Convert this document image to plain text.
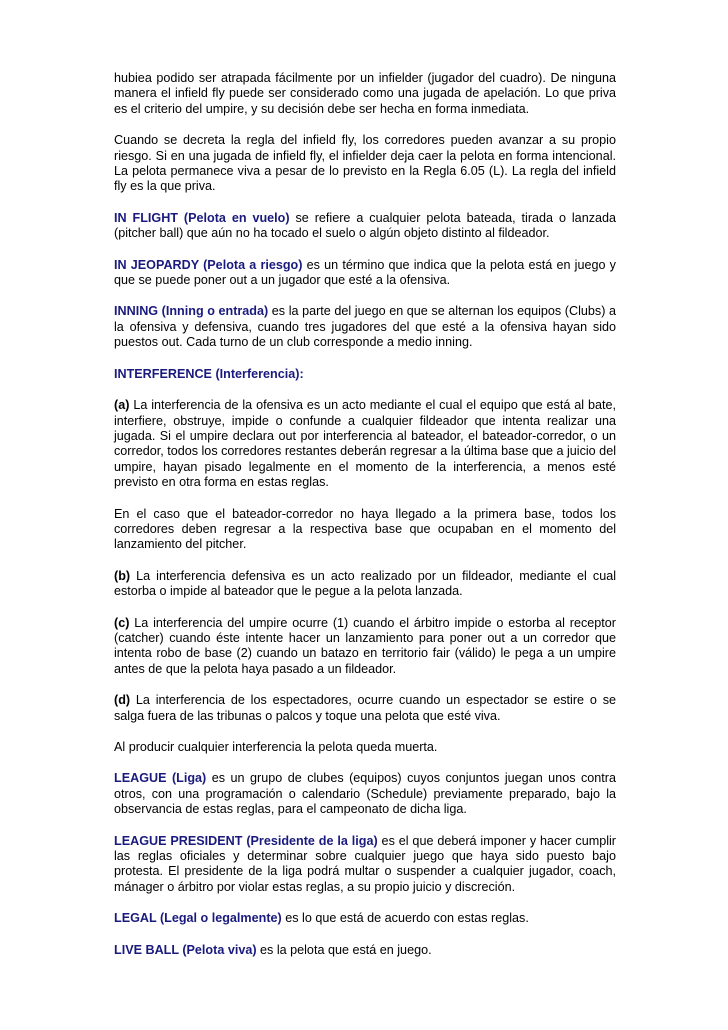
hubiea podido ser atrapada fácilmente por un infielder (jugador del cuadro). De ninguna manera el infield fly puede ser considerado como una jugada de apelación. Lo que priva es el criterio del umpire, y su decisión debe ser hecha en forma inmediata.

Cuando se decreta la regla del infield fly, los corredores pueden avanzar a su propio riesgo. Si en una jugada de infield fly, el infielder deja caer la pelota en forma intencional. La pelota permanece viva a pesar de lo previsto en la Regla 6.05 (L). La regla del infield fly es la que priva.

IN FLIGHT (Pelota en vuelo) se refiere a cualquier pelota bateada, tirada o lanzada (pitcher ball) que aún no ha tocado el suelo o algún objeto distinto al fildeador.

IN JEOPARDY (Pelota a riesgo) es un término que indica que la pelota está en juego y que se puede poner out a un jugador que esté a la ofensiva.

INNING (Inning o entrada) es la parte del juego en que se alternan los equipos (Clubs) a la ofensiva y defensiva, cuando tres jugadores del que esté a la ofensiva hayan sido puestos out. Cada turno de un club corresponde a medio inning.

INTERFERENCE (Interferencia):

(a) La interferencia de la ofensiva es un acto mediante el cual el equipo que está al bate, interfiere, obstruye, impide o confunde a cualquier fildeador que intenta realizar una jugada. Si el umpire declara out por interferencia al bateador, el bateador-corredor, o un corredor, todos los corredores restantes deberán regresar a la última base que a juicio del umpire, hayan pisado legalmente en el momento de la interferencia, a menos esté previsto en otra forma en estas reglas.

En el caso que el bateador-corredor no haya llegado a la primera base, todos los corredores deben regresar a la respectiva base que ocupaban en el momento del lanzamiento del pitcher.

(b) La interferencia defensiva es un acto realizado por un fildeador, mediante el cual estorba o impide al bateador que le pegue a la pelota lanzada.

(c) La interferencia del umpire ocurre (1) cuando el árbitro impide o estorba al receptor (catcher) cuando éste intente hacer un lanzamiento para poner out a un corredor que intenta robo de base (2) cuando un batazo en territorio fair (válido) le pega a un umpire antes de que la pelota haya pasado a un fildeador.

(d) La interferencia de los espectadores, ocurre cuando un espectador se estire o se salga fuera de las tribunas o palcos y toque una pelota que esté viva.

Al producir cualquier interferencia la pelota queda muerta.

LEAGUE (Liga) es un grupo de clubes (equipos) cuyos conjuntos juegan unos contra otros, con una programación o calendario (Schedule) previamente preparado, bajo la observancia de estas reglas, para el campeonato de dicha liga.

LEAGUE PRESIDENT (Presidente de la liga) es el que deberá imponer y hacer cumplir las reglas oficiales y determinar sobre cualquier juego que haya sido puesto bajo protesta. El presidente de la liga podrá multar o suspender a cualquier jugador, coach, mánager o árbitro por violar estas reglas, a su propio juicio y discreción.

LEGAL (Legal o legalmente) es lo que está de acuerdo con estas reglas.

LIVE BALL (Pelota viva) es la pelota que está en juego.
